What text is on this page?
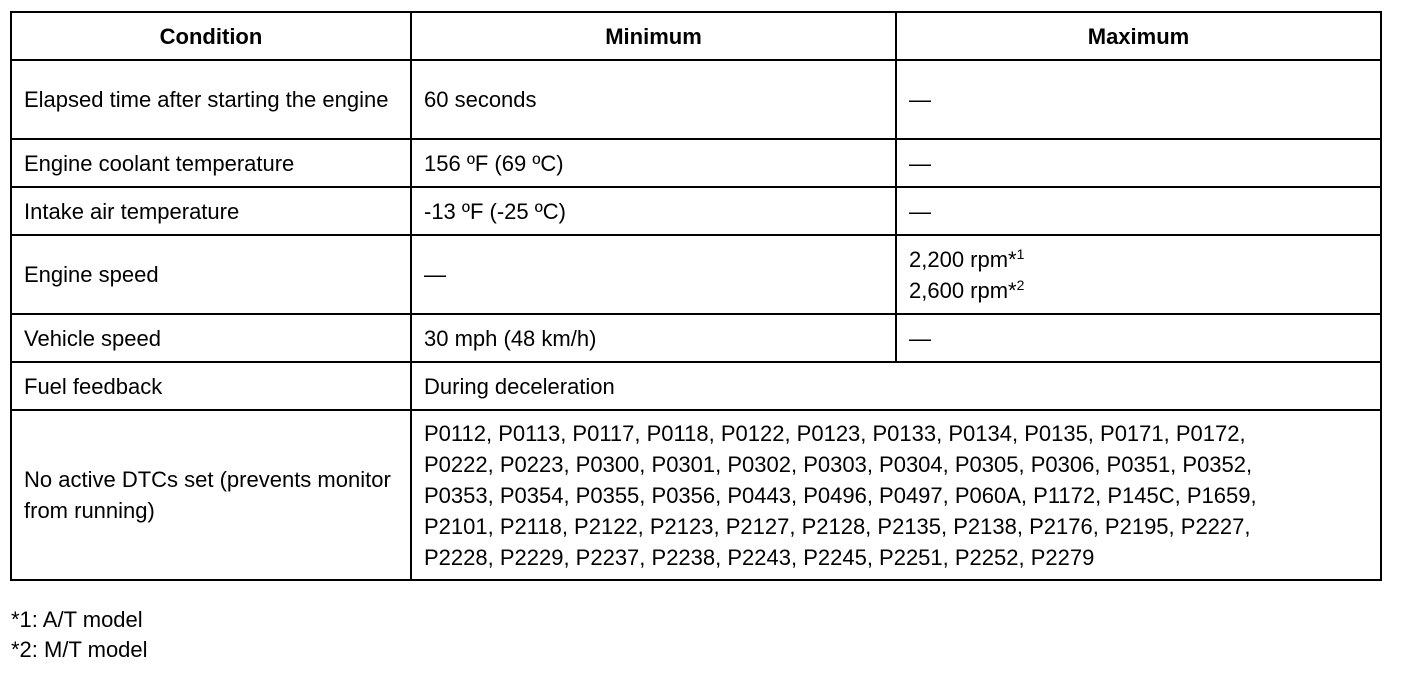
Condition	Minimum	Maximum
Elapsed time after starting the engine	60 seconds	—
Engine coolant temperature	156 ºF (69 ºC)	—
Intake air temperature	-13 ºF (-25 ºC)	—
Engine speed	—	2,200 rpm*$^1$
2,600 rpm*$^2$

Vehicle speed	30 mph (48 km/h)	—
Fuel feedback	During deceleration	
No active DTCs set (prevents monitor from running)	P0112, P0113, P0117, P0118, P0122, P0123, P0133, P0134, P0135, P0171, P0172,
P0222, P0223, P0300, P0301, P0302, P0303, P0304, P0305, P0306, P0351, P0352,
P0353, P0354, P0355, P0356, P0443, P0496, P0497, P060A, P1172, P145C, P1659,
P2101, P2118, P2122, P2123, P2127, P2128, P2135, P2138, P2176, P2195, P2227,
P2228, P2229, P2237, P2238, P2243, P2245, P2251, P2252, P2279	
*1: A/T model
*2: M/T model
